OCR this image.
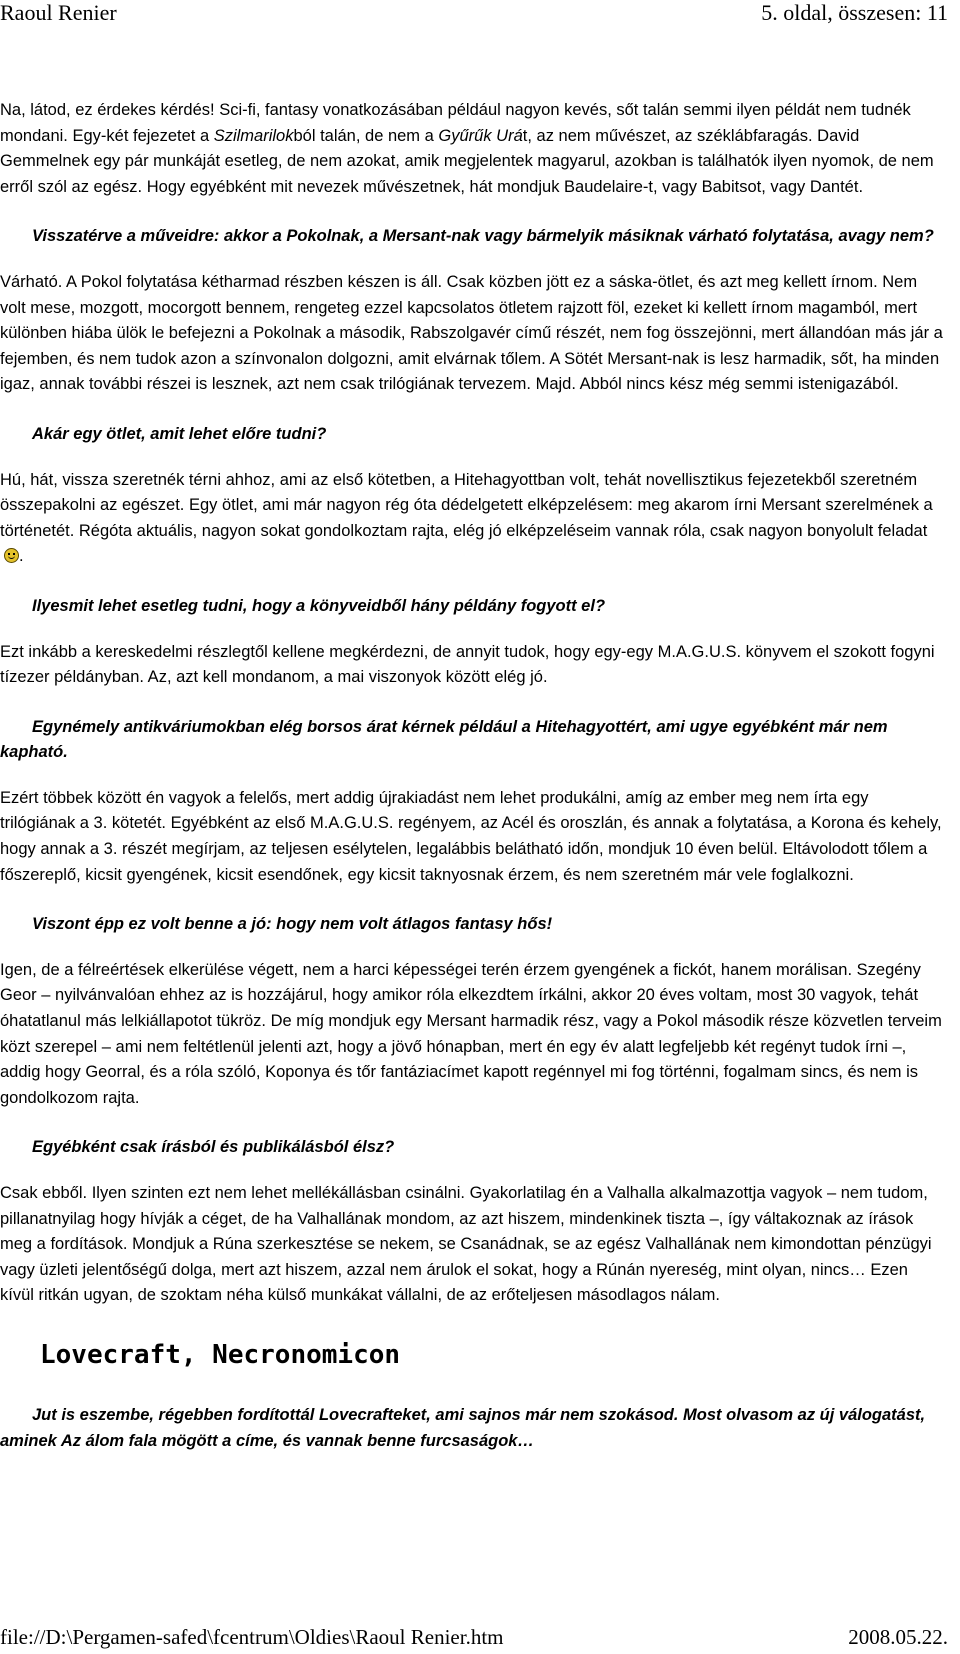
Raoul Renier	5. oldal, összesen: 11

Na, látod, ez érdekes kérdés! Sci-fi, fantasy vonatkozásában például nagyon kevés, sőt talán semmi ilyen példát nem tudnék mondani. Egy-két fejezetet a Szilmarilokból talán, de nem a Gyűrűk Urát, az nem művészet, az széklábfaragás. David Gemmelnek egy pár munkáját esetleg, de nem azokat, amik megjelentek magyarul, azokban is találhatók ilyen nyomok, de nem erről szól az egész. Hogy egyébként mit nevezek művészetnek, hát mondjuk Baudelaire-t, vagy Babitsot, vagy Dantét.

Visszatérve a műveidre: akkor a Pokolnak, a Mersant-nak vagy bármelyik másiknak várható folytatása, avagy nem?

Várható. A Pokol folytatása kétharmad részben készen is áll. Csak közben jött ez a sáska-ötlet, és azt meg kellett írnom. Nem volt mese, mozgott, mocorgott bennem, rengeteg ezzel kapcsolatos ötletem rajzott föl, ezeket ki kellett írnom magamból, mert különben hiába ülök le befejezni a Pokolnak a második, Rabszolgavér című részét, nem fog összejönni, mert állandóan más jár a fejemben, és nem tudok azon a színvonalon dolgozni, amit elvárnak tőlem. A Sötét Mersant-nak is lesz harmadik, sőt, ha minden igaz, annak további részei is lesznek, azt nem csak trilógiának tervezem. Majd. Abból nincs kész még semmi istenigazából.

Akár egy ötlet, amit lehet előre tudni?

Hú, hát, vissza szeretnék térni ahhoz, ami az első kötetben, a Hitehagyottban volt, tehát novellisztikus fejezetekből szeretném összepakolni az egészet. Egy ötlet, ami már nagyon rég óta dédelgetett elképzelésem: meg akarom írni Mersant szerelmének a történetét. Régóta aktuális, nagyon sokat gondolkoztam rajta, elég jó elképzeléseim vannak róla, csak nagyon bonyolult feladat .

Ilyesmit lehet esetleg tudni, hogy a könyveidből hány példány fogyott el?

Ezt inkább a kereskedelmi részlegtől kellene megkérdezni, de annyit tudok, hogy egy-egy M.A.G.U.S. könyvem el szokott fogyni tízezer példányban. Az, azt kell mondanom, a mai viszonyok között elég jó.

Egynémely antikváriumokban elég borsos árat kérnek például a Hitehagyottért, ami ugye egyébként már nem kapható.

Ezért többek között én vagyok a felelős, mert addig újrakiadást nem lehet produkálni, amíg az ember meg nem írta egy trilógiának a 3. kötetét. Egyébként az első M.A.G.U.S. regényem, az Acél és oroszlán, és annak a folytatása, a Korona és kehely, hogy annak a 3. részét megírjam, az teljesen esélytelen, legalábbis belátható időn, mondjuk 10 éven belül. Eltávolodott tőlem a főszereplő, kicsit gyengének, kicsit esendőnek, egy kicsit taknyosnak érzem, és nem szeretném már vele foglalkozni.

Viszont épp ez volt benne a jó: hogy nem volt átlagos fantasy hős!

Igen, de a félreértések elkerülése végett, nem a harci képességei terén érzem gyengének a fickót, hanem morálisan. Szegény Geor – nyilvánvalóan ehhez az is hozzájárul, hogy amikor róla elkezdtem írkálni, akkor 20 éves voltam, most 30 vagyok, tehát óhatatlanul más lelkiállapotot tükröz. De míg mondjuk egy Mersant harmadik rész, vagy a Pokol második része közvetlen terveim közt szerepel – ami nem feltétlenül jelenti azt, hogy a jövő hónapban, mert én egy év alatt legfeljebb két regényt tudok írni –, addig hogy Georral, és a róla szóló, Koponya és tőr fantáziacímet kapott regénnyel mi fog történni, fogalmam sincs, és nem is gondolkozom rajta.

Egyébként csak írásból és publikálásból élsz?

Csak ebből. Ilyen szinten ezt nem lehet mellékállásban csinálni. Gyakorlatilag én a Valhalla alkalmazottja vagyok – nem tudom, pillanatnyilag hogy hívják a céget, de ha Valhallának mondom, az azt hiszem, mindenkinek tiszta –, így váltakoznak az írások meg a fordítások. Mondjuk a Rúna szerkesztése se nekem, se Csanádnak, se az egész Valhallának nem kimondottan pénzügyi vagy üzleti jelentőségű dolga, mert azt hiszem, azzal nem árulok el sokat, hogy a Rúnán nyereség, mint olyan, nincs… Ezen kívül ritkán ugyan, de szoktam néha külső munkákat vállalni, de az erőteljesen másodlagos nálam.

Lovecraft, Necronomicon

Jut is eszembe, régebben fordítottál Lovecrafteket, ami sajnos már nem szokásod. Most olvasom az új válogatást, aminek Az álom fala mögött a címe, és vannak benne furcsaságok…

file://D:\Pergamen-safed\fcentrum\Oldies\Raoul Renier.htm	2008.05.22.
